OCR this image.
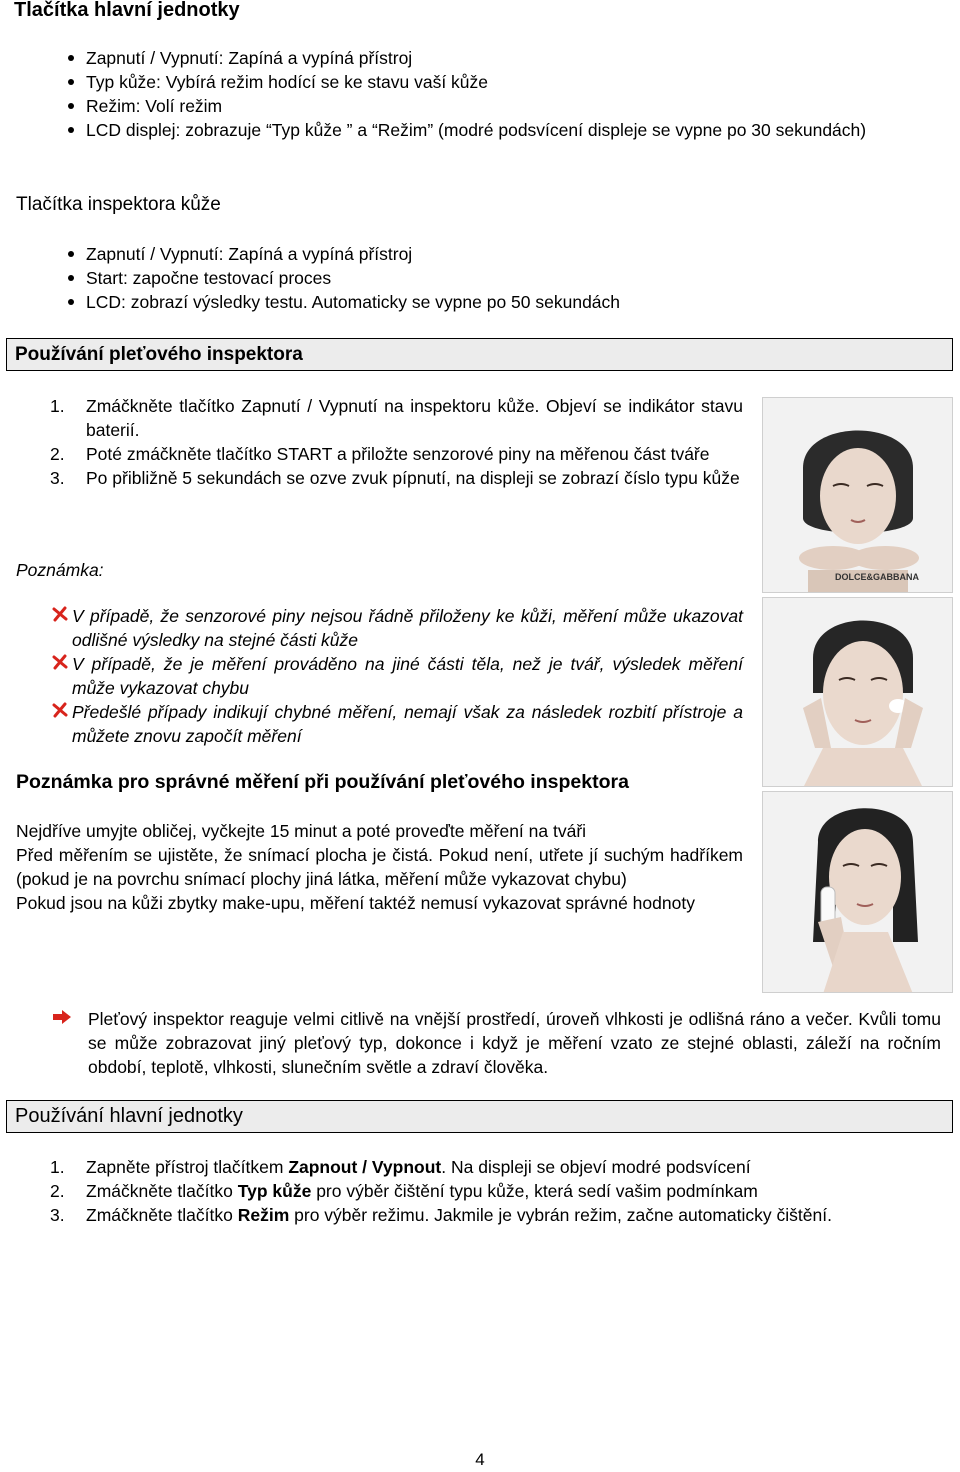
Tlačítka hlavní jednotky
Zapnutí / Vypnutí: Zapíná a vypíná přístroj
Typ kůže: Vybírá režim hodící se ke stavu vaší kůže
Režim: Volí režim
LCD displej: zobrazuje “Typ kůže ” a “Režim” (modré podsvícení displeje se vypne po 30 sekundách)
Tlačítka inspektora kůže
Zapnutí / Vypnutí: Zapíná a vypíná přístroj
Start: započne testovací proces
LCD: zobrazí výsledky testu. Automaticky se vypne po 50 sekundách
Používání pleťového inspektora
1. Zmáčkněte tlačítko Zapnutí / Vypnutí na inspektoru kůže. Objeví se indikátor stavu baterií.
2. Poté zmáčkněte tlačítko START a přiložte senzorové piny na měřenou část tváře
3. Po přibližně 5 sekundách se ozve zvuk pípnutí, na displeji se zobrazí číslo typu kůže
Poznámka:
V případě, že senzorové piny nejsou řádně přiloženy ke kůži, měření může ukazovat odlišné výsledky na stejné části kůže
V případě, že je měření prováděno na jiné části těla, než je tvář, výsledek měření může vykazovat chybu
Předešlé případy indikují chybné měření, nemají však za následek rozbití přístroje a můžete znovu započít měření
Poznámka pro správné měření při používání pleťového inspektora
Nejdříve umyjte obličej, vyčkejte 15 minut a poté proveďte měření na tváři
Před měřením se ujistěte, že snímací plocha je čistá. Pokud není, utřete jí suchým hadříkem (pokud je na povrchu snímací plochy jiná látka, měření může vykazovat chybu)
Pokud jsou na kůži zbytky make-upu, měření taktéž nemusí vykazovat správné hodnoty
Pleťový inspektor reaguje velmi citlivě na vnější prostředí, úroveň vlhkosti je odlišná ráno a večer. Kvůli tomu se může zobrazovat jiný pleťový typ, dokonce i když je měření vzato ze stejné oblasti, záleží na ročním období, teplotě, vlhkosti, slunečním světle a zdraví člověka.
Používání hlavní jednotky
1. Zapněte přístroj tlačítkem Zapnout / Vypnout. Na displeji se objeví modré podsvícení
2. Zmáčkněte tlačítko Typ kůže pro výběr čištění typu kůže, která sedí vašim podmínkam
3. Zmáčkněte tlačítko Režim pro výběr režimu. Jakmile je vybrán režim, začne automaticky čištění.
DOLCE&GABBANA
4
